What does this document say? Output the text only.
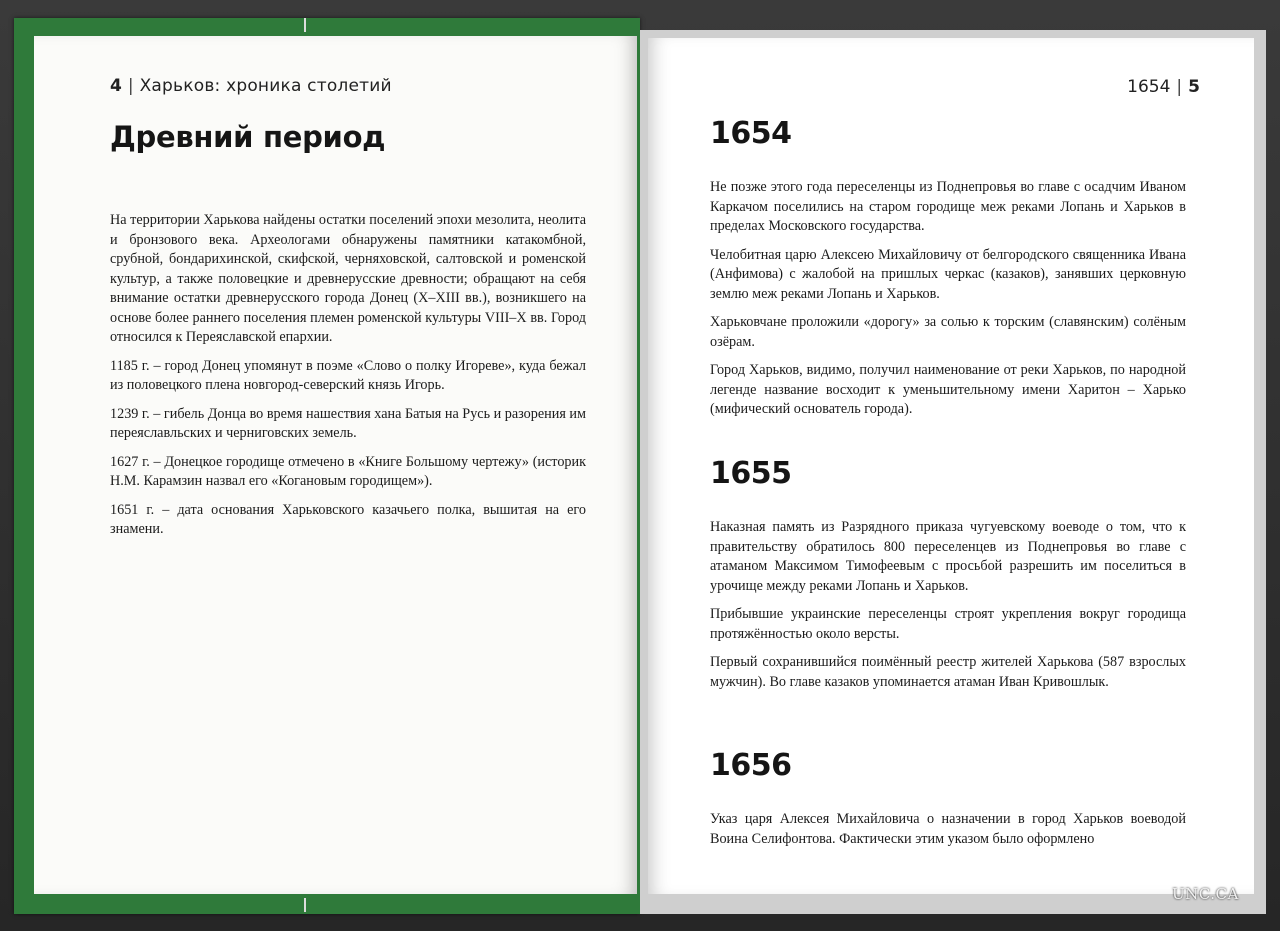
4 | Харьков: хроника столетий
Древний период

На территории Харькова найдены остатки поселений эпохи мезолита, неолита и бронзового века. Археологами обнаружены памятники катакомбной, срубной, бондарихинской, скифской, черняховской, салтовской и роменской культур, а также половецкие и древнерусские древности; обращают на себя внимание остатки древнерусского города Донец (X–XIII вв.), возникшего на основе более раннего поселения племен роменской культуры VIII–X вв. Город относился к Переяславской епархии.

1185 г. – город Донец упомянут в поэме «Слово о полку Игореве», куда бежал из половецкого плена новгород-северский князь Игорь.

1239 г. – гибель Донца во время нашествия хана Батыя на Русь и разорения им переяславльских и черниговских земель.

1627 г. – Донецкое городище отмечено в «Книге Большому чертежу» (историк Н.М. Карамзин назвал его «Когановым городищем»).

1651 г. – дата основания Харьковского казачьего полка, вышитая на его знамени.

1654 | 5
1654

Не позже этого года переселенцы из Поднепровья во главе с осадчим Иваном Каркачом поселились на старом городище меж реками Лопань и Харьков в пределах Московского государства.

Челобитная царю Алексею Михайловичу от белгородского священника Ивана (Анфимова) с жалобой на пришлых черкас (казаков), занявших церковную землю меж реками Лопань и Харьков.

Харьковчане проложили «дорогу» за солью к торским (славянским) солёным озёрам.

Город Харьков, видимо, получил наименование от реки Харьков, по народной легенде название восходит к уменьшительному имени Харитон – Харько (мифический основатель города).

1655

Наказная память из Разрядного приказа чугуевскому воеводе о том, что к правительству обратилось 800 переселенцев из Поднепровья во главе с атаманом Максимом Тимофеевым с просьбой разрешить им поселиться в урочище между реками Лопань и Харьков.

Прибывшие украинские переселенцы строят укрепления вокруг городища протяжённостью около версты.

Первый сохранившийся поимённый реестр жителей Харькова (587 взрослых мужчин). Во главе казаков упоминается атаман Иван Кривошлык.

1656

Указ царя Алексея Михайловича о назначении в город Харьков воеводой Воина Селифонтова. Фактически этим указом было оформлено

UNC.CA
